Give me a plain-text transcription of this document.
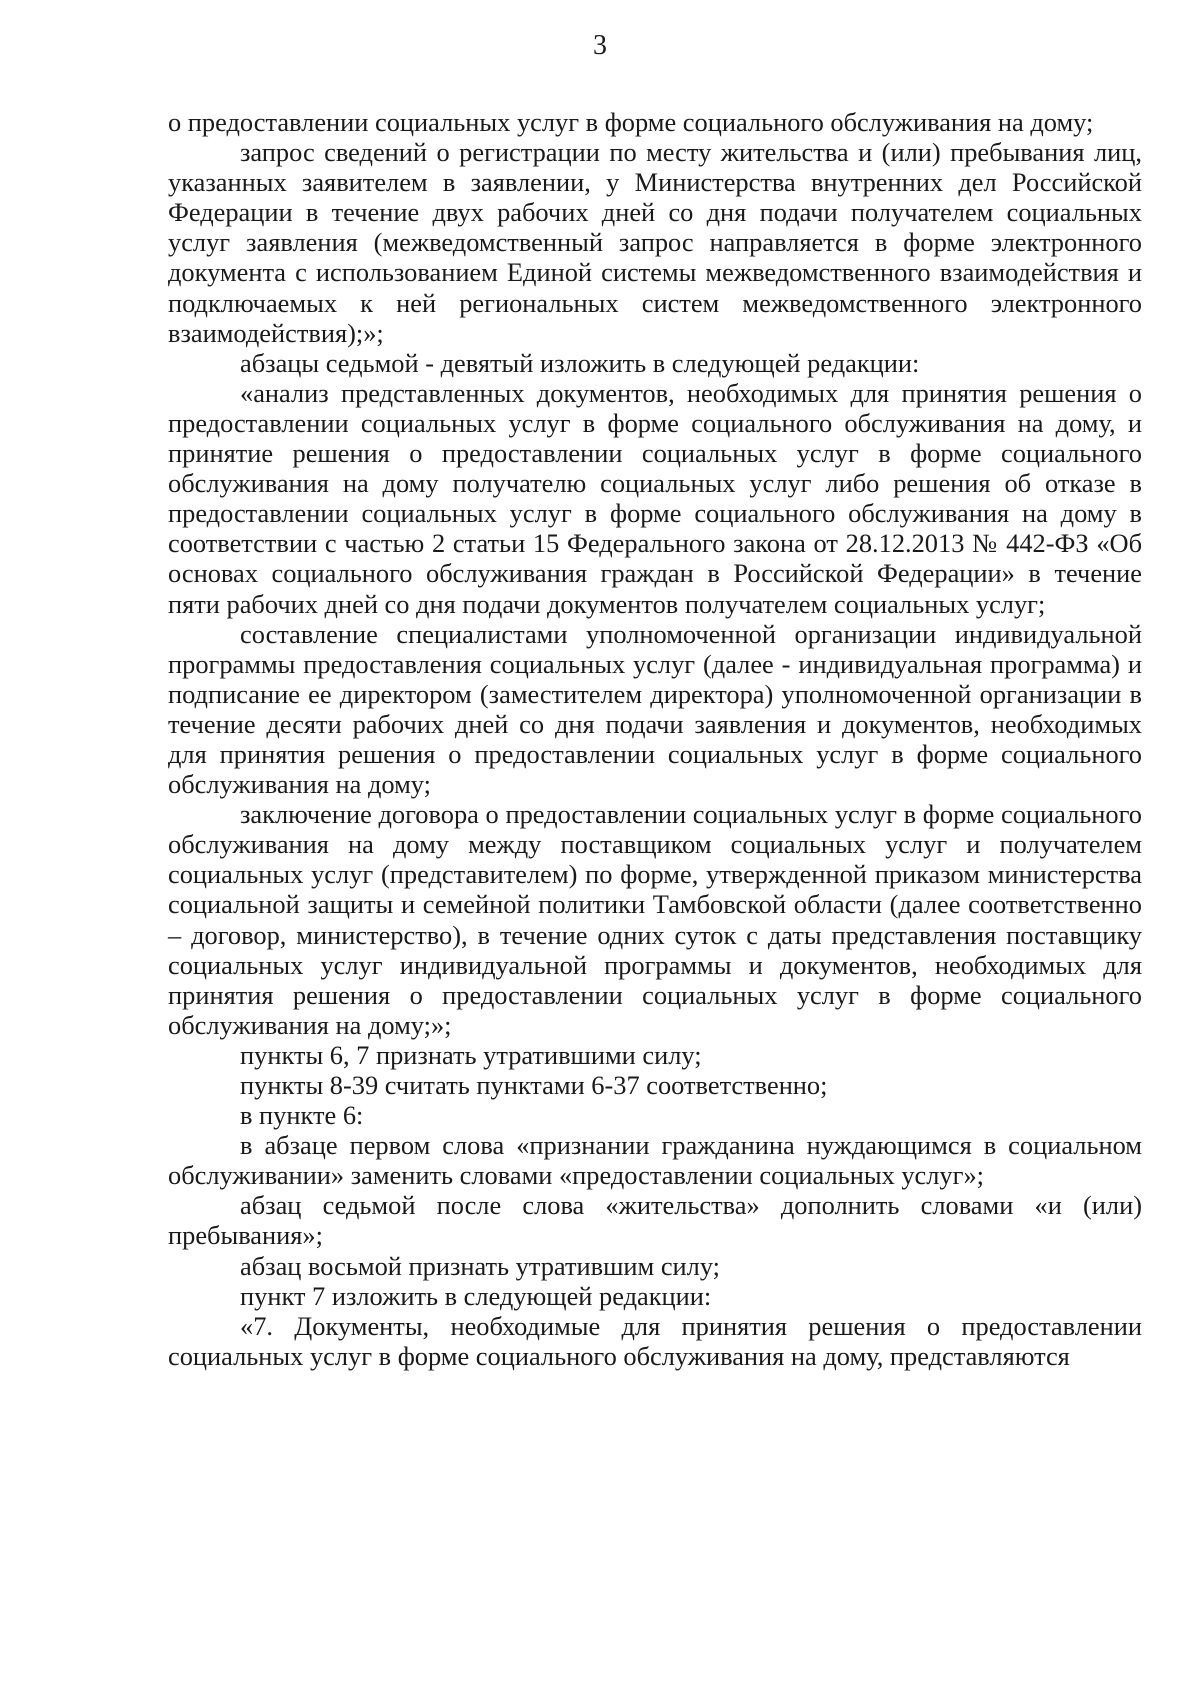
3

о предоставлении социальных услуг в форме социального обслуживания на дому;

запрос сведений о регистрации по месту жительства и (или) пребывания лиц, указанных заявителем в заявлении, у Министерства внутренних дел Российской Федерации в течение двух рабочих дней со дня подачи получателем социальных услуг заявления (межведомственный запрос направляется в форме электронного документа с использованием Единой системы межведомственного взаимодействия и подключаемых к ней региональных систем межведомственного электронного взаимодействия);»;

абзацы седьмой - девятый изложить в следующей редакции:

«анализ представленных документов, необходимых для принятия решения о предоставлении социальных услуг в форме социального обслуживания на дому, и принятие решения о предоставлении социальных услуг в форме социального обслуживания на дому получателю социальных услуг либо решения об отказе в предоставлении социальных услуг в форме социального обслуживания на дому в соответствии с частью 2 статьи 15 Федерального закона от 28.12.2013 № 442-ФЗ «Об основах социального обслуживания граждан в Российской Федерации» в течение пяти рабочих дней со дня подачи документов получателем социальных услуг;

составление специалистами уполномоченной организации индивидуальной программы предоставления социальных услуг (далее - индивидуальная программа) и подписание ее директором (заместителем директора) уполномоченной организации в течение десяти рабочих дней со дня подачи заявления и документов, необходимых для принятия решения о предоставлении социальных услуг в форме социального обслуживания на дому;

заключение договора о предоставлении социальных услуг в форме социального обслуживания на дому между поставщиком социальных услуг и получателем социальных услуг (представителем) по форме, утвержденной приказом министерства социальной защиты и семейной политики Тамбовской области (далее соответственно – договор, министерство), в течение одних суток с даты представления поставщику социальных услуг индивидуальной программы и документов, необходимых для принятия решения о предоставлении социальных услуг в форме социального обслуживания на дому;»;

пункты 6, 7 признать утратившими силу;

пункты 8-39 считать пунктами 6-37 соответственно;

в пункте 6:

в абзаце первом слова «признании гражданина нуждающимся в социальном обслуживании» заменить словами «предоставлении социальных услуг»;

абзац седьмой после слова «жительства» дополнить словами «и (или) пребывания»;

абзац восьмой признать утратившим силу;

пункт 7 изложить в следующей редакции:

«7. Документы, необходимые для принятия решения о предоставлении социальных услуг в форме социального обслуживания на дому, представляются
